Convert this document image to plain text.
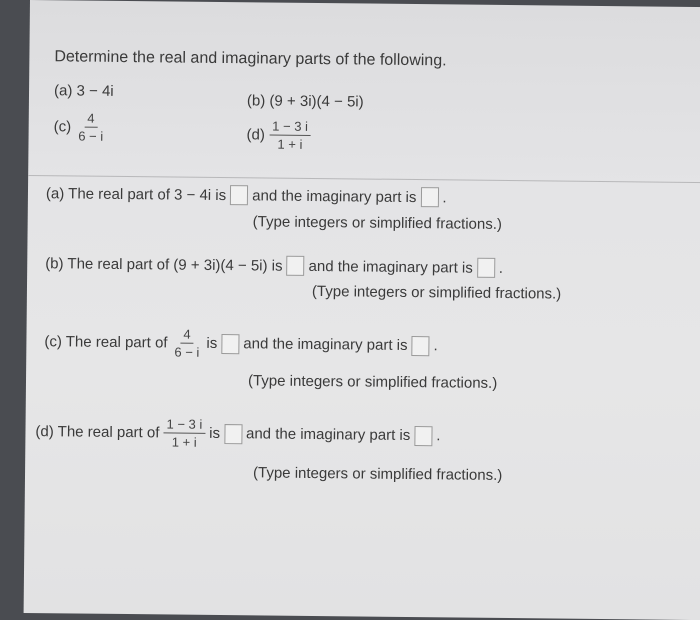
Determine the real and imaginary parts of the following.
(a) 3 − 4i
(b) (9 + 3i)(4 − 5i)
$(c) \frac{4}{6 - i}$	$(d) \frac{1 - 3 i}{1 + i}$
(a) The real part of 3 − 4i is and the imaginary part is .
(Type integers or simplified fractions.)
(b) The real part of (9 + 3i)(4 − 5i) is and the imaginary part is .
(Type integers or simplified fractions.)
(c) The real part of $\frac{4}{6 - i}$ is and the imaginary part is .
(Type integers or simplified fractions.)
(d) The real part of $\frac{1 - 3 i}{1 + i}$ is and the imaginary part is .
(Type integers or simplified fractions.)
